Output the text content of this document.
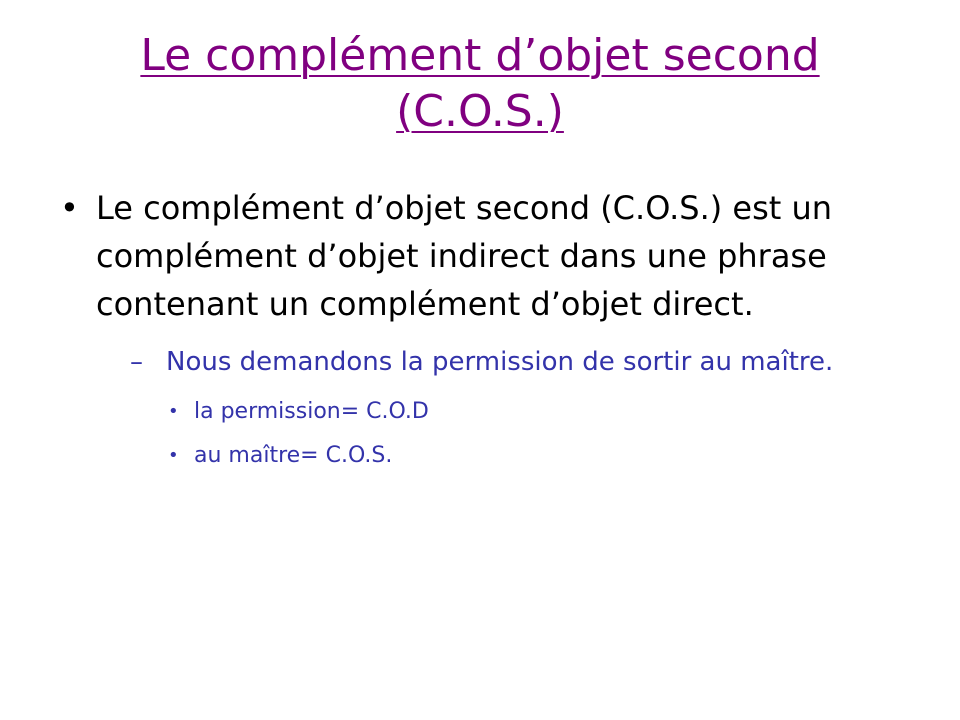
Le complément d’objet second
(C.O.S.)

• Le complément d’objet second (C.O.S.) est un complément d’objet indirect dans une phrase contenant un complément d’objet direct.

– Nous demandons la permission de sortir au maître.
• la permission= C.O.D
• au maître= C.O.S.
